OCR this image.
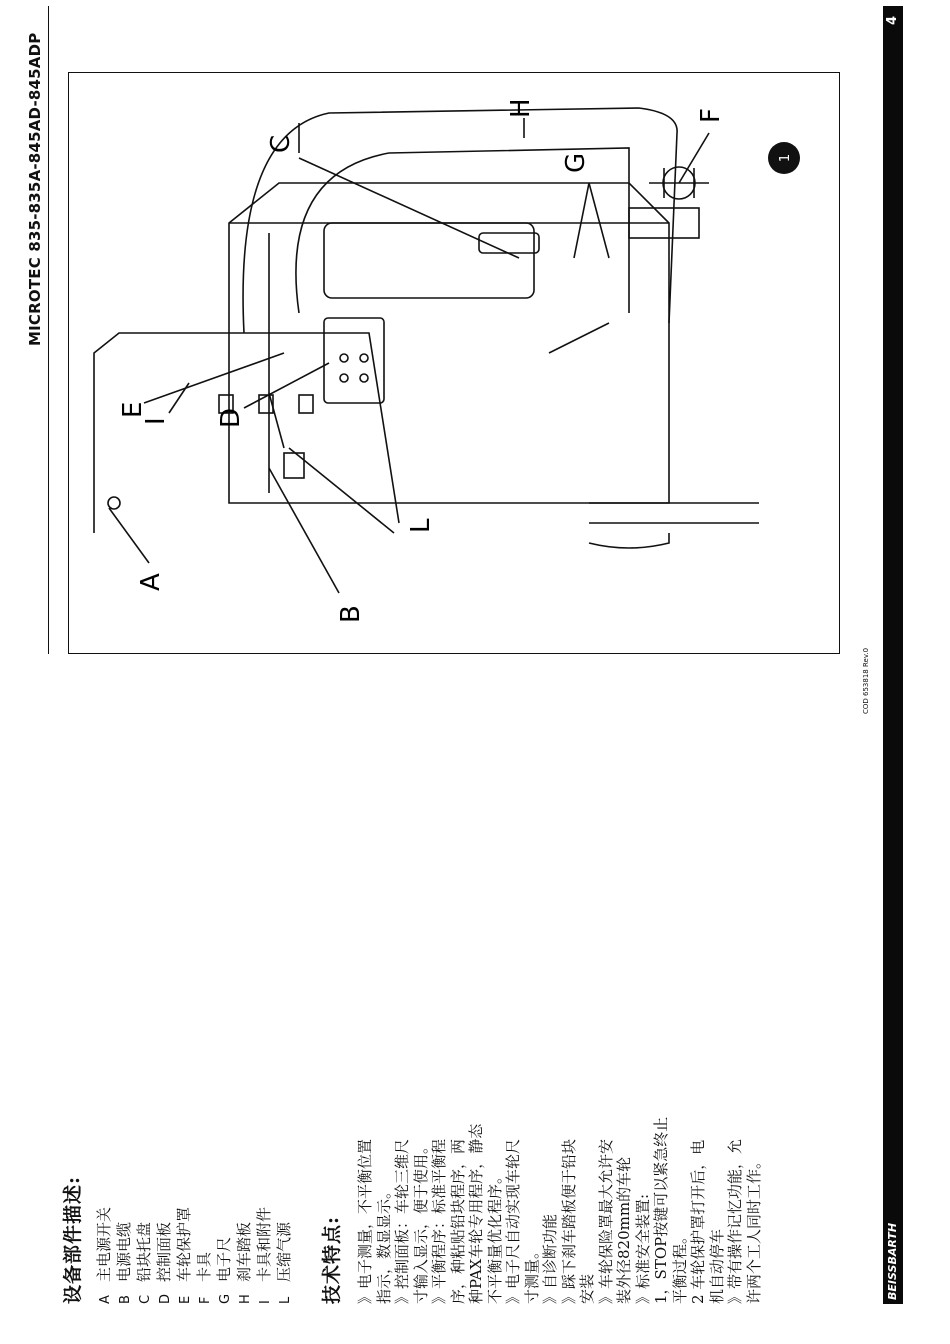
MICROTEC 835-835A-845AD-845ADP
设备部件描述: A主电源开关
B电源电缆
C铅块托盘
D控制面板
E车轮保护罩
F卡具
G电子尺
H刹车踏板
I卡具和附件
L压缩气源 技术特点: 》电子测量，不平衡位置 指示，数显显示。 》控制面板：车轮三维尺 寸输入显示，便于使用。 》平衡程序：标准平衡程 序，种粘贴铅块程序，两 种PAX车轮专用程序，静态 不平衡量优化程序。 》电子尺自动实现车轮尺 寸测量。 》自诊断功能 》踩下刹车踏板便于铅块 安装 》车轮保险罩最大允许安 装外径820mm的车轮 》标准安全装置: 1，STOP按键可以紧急终止 平衡过程。 2 车轮保护罩打开后，电 机自动停车 》带有操作记忆功能，允 许两个工人同时工作。

1
A
B
C
D
E
F
G
H
I
L
COD 653818 Rev.0
BEISSBARTH
4
